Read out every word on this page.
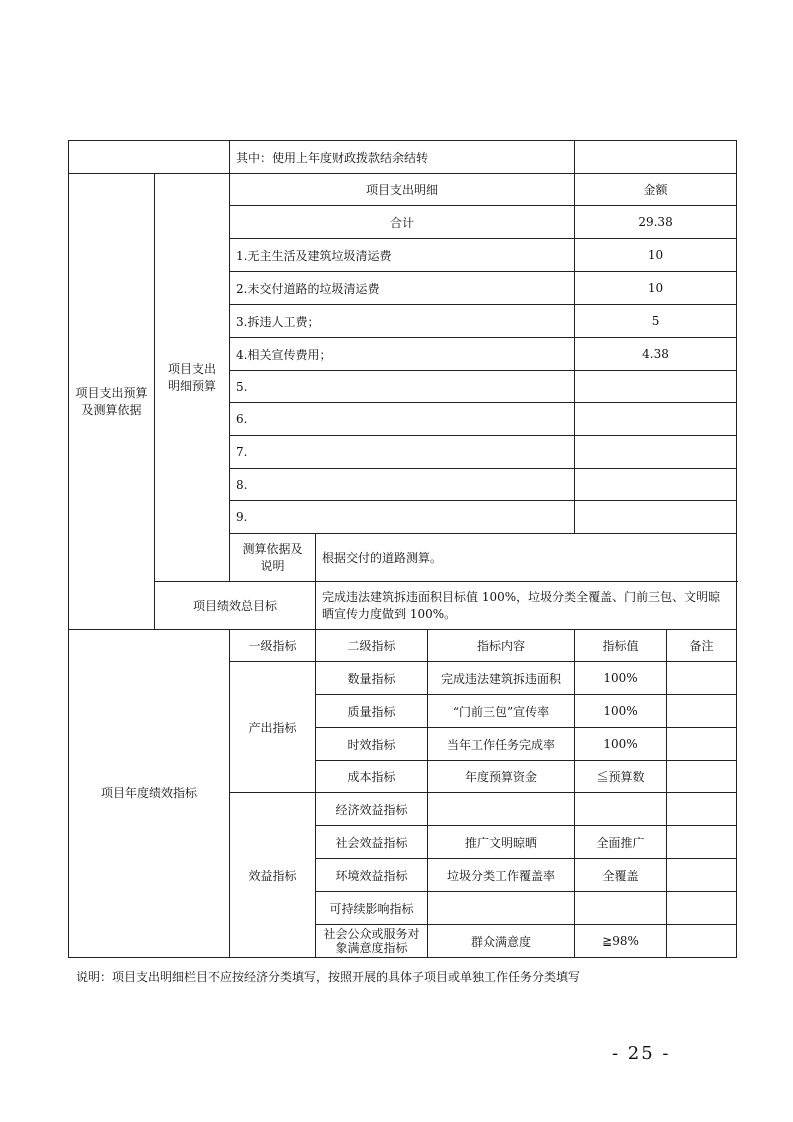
		其中：使用上年度财政拨款结余结转				
项目支出预算及测算依据	项目支出明细预算	项目支出明细			金额	
		合计			29.38	
		1.无主生活及建筑垃圾清运费			10	
		2.未交付道路的垃圾清运费			10	
		3.拆违人工费；			5	
		4.相关宣传费用；			4.38	
		5.				
		6.				
		7.				
		8.				
		9.				
		测算依据及说明	根据交付的道路测算。			
	项目绩效总目标		完成违法建筑拆违面积目标值 100%，垃圾分类全覆盖、门前三包、文明晾晒宣传力度做到 100%。			

项目年度绩效指标		一级指标	二级指标	指标内容	指标值	备注
		产出指标	数量指标	完成违法建筑拆违面积	100%	
			质量指标	“门前三包”宣传率	100%	
			时效指标	当年工作任务完成率	100%	
			成本指标	年度预算资金	≦预算数	
		效益指标	经济效益指标			
			社会效益指标	推广文明晾晒	全面推广	
			环境效益指标	垃圾分类工作覆盖率	全覆盖	
			可持续影响指标			
			社会公众或服务对象满意度指标	群众满意度	≧98%	
说明：项目支出明细栏目不应按经济分类填写，按照开展的具体子项目或单独工作任务分类填写
- 25 -
